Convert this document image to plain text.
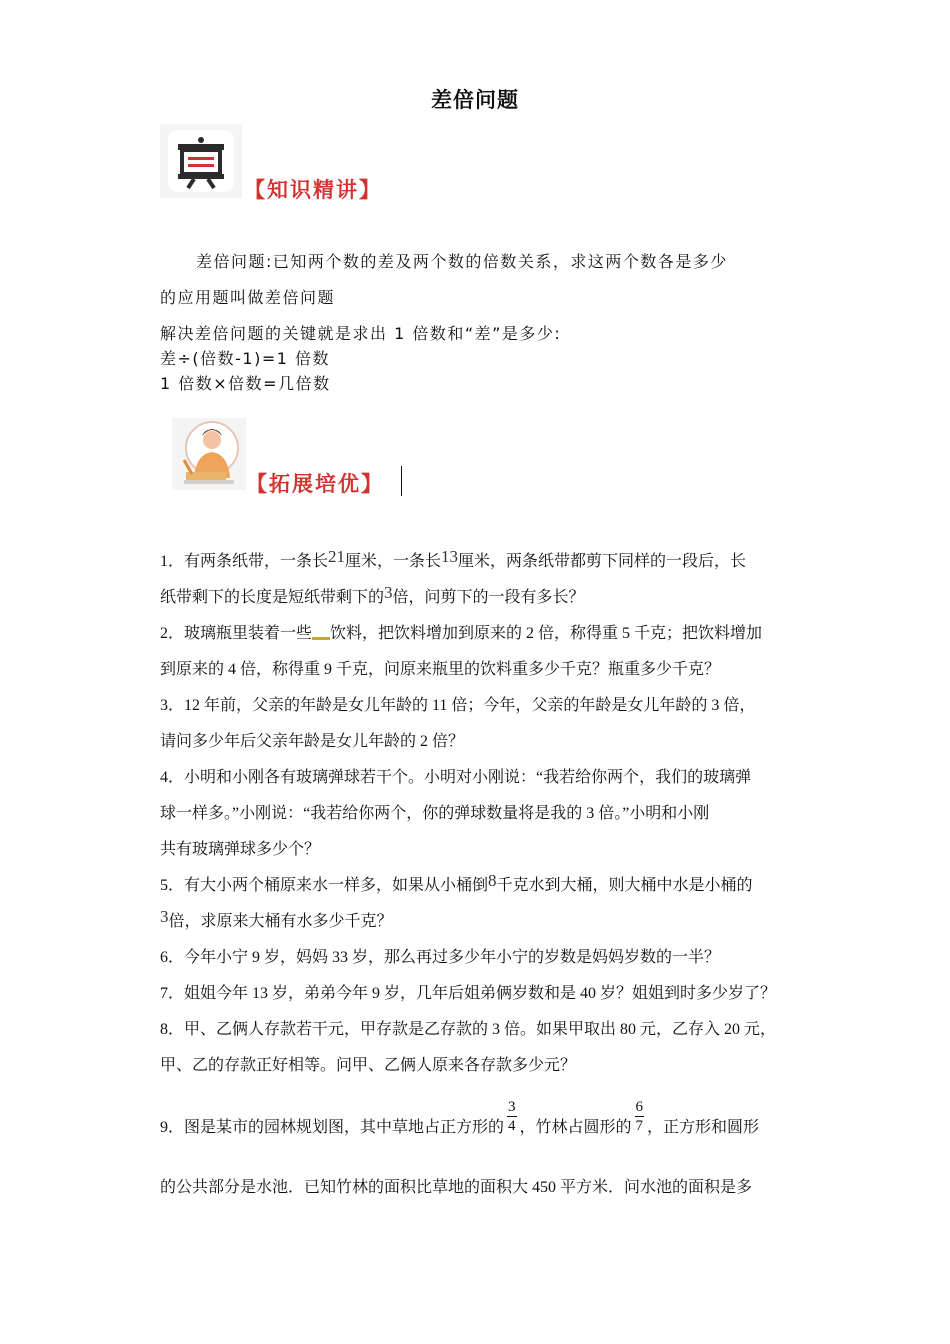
差倍问题
【知识精讲】
差倍问题:已知两个数的差及两个数的倍数关系，求这两个数各是多少
的应用题叫做差倍问题
解决差倍问题的关键就是求出 1 倍数和“差”是多少:
差÷(倍数-1)=1 倍数
1 倍数×倍数=几倍数
【拓展培优】
1．有两条纸带，一条长21厘米，一条长13厘米，两条纸带都剪下同样的一段后，长
纸带剩下的长度是短纸带剩下的3倍，问剪下的一段有多长？
2．玻璃瓶里装着一些 饮料，把饮料增加到原来的 2 倍，称得重 5 千克；把饮料增加
到原来的 4 倍，称得重 9 千克，问原来瓶里的饮料重多少千克？瓶重多少千克？
3．12 年前，父亲的年龄是女儿年龄的 11 倍；今年，父亲的年龄是女儿年龄的 3 倍，
请问多少年后父亲年龄是女儿年龄的 2 倍？
4．小明和小刚各有玻璃弹球若干个。小明对小刚说：“我若给你两个，我们的玻璃弹
球一样多。”小刚说：“我若给你两个，你的弹球数量将是我的 3 倍。”小明和小刚
共有玻璃弹球多少个？
5．有大小两个桶原来水一样多，如果从小桶倒8千克水到大桶，则大桶中水是小桶的
3倍，求原来大桶有水多少千克？
6．今年小宁 9 岁，妈妈 33 岁，那么再过多少年小宁的岁数是妈妈岁数的一半？
7．姐姐今年 13 岁，弟弟今年 9 岁，几年后姐弟俩岁数和是 40 岁？姐姐到时多少岁了？
8．甲、乙俩人存款若干元，甲存款是乙存款的 3 倍。如果甲取出 80 元，乙存入 20 元，
甲、乙的存款正好相等。问甲、乙俩人原来各存款多少元？
9．图是某市的园林规划图，其中草地占正方形的 $\frac{3}{4}$ ，竹林占圆形的 $\frac{6}{7}$ ，正方形和圆形
的公共部分是水池．已知竹林的面积比草地的面积大 450 平方米．问水池的面积是多
